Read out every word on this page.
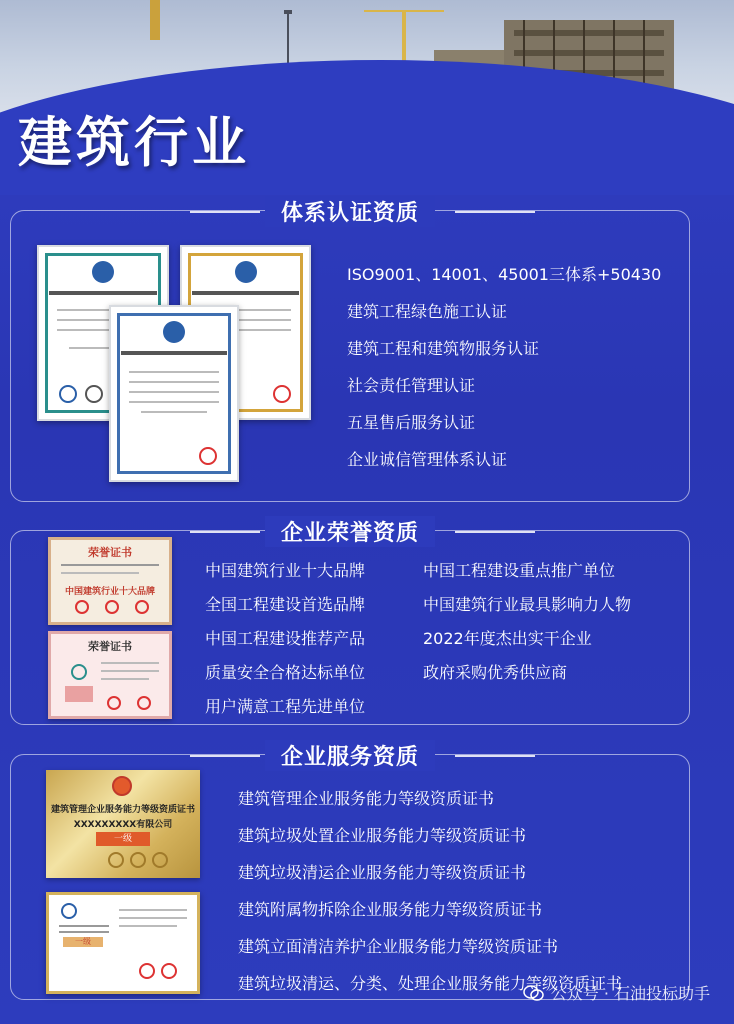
建筑行业
体系认证资质
ISO9001、14001、45001三体系+50430
建筑工程绿色施工认证
建筑工程和建筑物服务认证
社会责任管理认证
五星售后服务认证
企业诚信管理体系认证
企业荣誉资质
荣誉证书
中国建筑行业十大品牌
荣誉证书
中国建筑行业十大品牌
全国工程建设首选品牌
中国工程建设推荐产品
质量安全合格达标单位
用户满意工程先进单位
中国工程建设重点推广单位
中国建筑行业最具影响力人物
2022年度杰出实干企业
政府采购优秀供应商
企业服务资质
建筑管理企业服务能力等级资质证书
XXXXXXXXX有限公司
一级
一级
建筑管理企业服务能力等级资质证书
建筑垃圾处置企业服务能力等级资质证书
建筑垃圾清运企业服务能力等级资质证书
建筑附属物拆除企业服务能力等级资质证书
建筑立面清洁养护企业服务能力等级资质证书
建筑垃圾清运、分类、处理企业服务能力等级资质证书
公众号 · 石油投标助手
